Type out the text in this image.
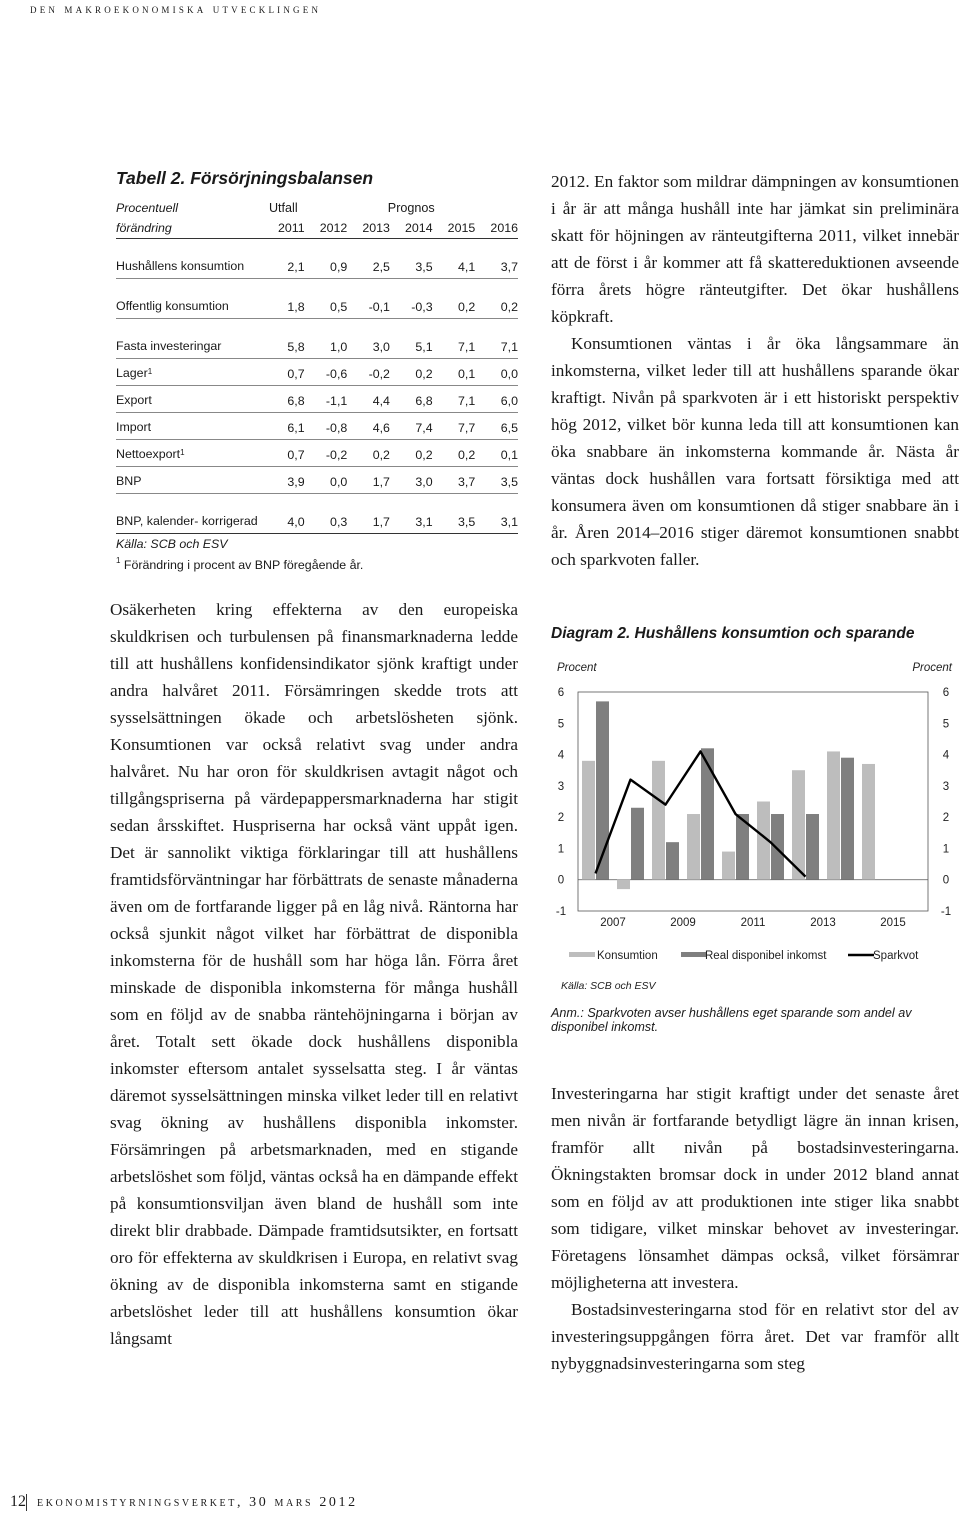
den makroekonomiska utvecklingen
Tabell 2. Försörjningsbalansen
Procentuell	Utfall		Prognos			
förändring	2011	2012	2013	2014	2015	2016
Hushållens konsumtion	2,1	0,9	2,5	3,5	4,1	3,7
Offentlig konsumtion	1,8	0,5	-0,1	-0,3	0,2	0,2
Fasta investeringar	5,8	1,0	3,0	5,1	7,1	7,1
Lager$^1$	0,7	-0,6	-0,2	0,2	0,1	0,0
Export	6,8	-1,1	4,4	6,8	7,1	6,0
Import	6,1	-0,8	4,6	7,4	7,7	6,5
Nettoexport$^1$	0,7	-0,2	0,2	0,2	0,2	0,1
BNP	3,9	0,0	1,7	3,0	3,7	3,5
BNP, kalender- korrigerad	4,0	0,3	1,7	3,1	3,5	3,1
Källa: SCB och ESV
$^1$ Förändring i procent av BNP föregående år.

Osäkerheten kring effekterna av den europeiska skuldkrisen och turbulensen på finansmarknaderna ledde till att hushållens konfidensindikator sjönk kraftigt under andra halvåret 2011. Försämringen skedde trots att sysselsättningen ökade och arbetslösheten sjönk. Konsumtionen var också relativt svag under andra halvåret. Nu har oron för skuldkrisen avtagit något och tillgångspriserna på värdepappersmarknaderna har stigit sedan årsskiftet. Huspriserna har också vänt uppåt igen. Det är sannolikt viktiga förklaringar till att hushållens framtidsförväntningar har förbättrats de senaste månaderna även om de fortfarande ligger på en låg nivå. Räntorna har också sjunkit något vilket har förbättrat de disponibla inkomsterna för de hushåll som har höga lån. Förra året minskade de disponibla inkomsterna för många hushåll som en följd av de snabba räntehöjningarna i början av året. Totalt sett ökade dock hushållens disponibla inkomster eftersom antalet sysselsatta steg. I år väntas däremot sysselsättningen minska vilket leder till en relativt svag ökning av hushållens disponibla inkomster. Försämringen på arbetsmarknaden, med en stigande arbetslöshet som följd, väntas också ha en dämpande effekt på konsumtionsviljan även bland de hushåll som inte direkt blir drabbade. Dämpade framtidsutsikter, en fortsatt oro för effekterna av skuldkrisen i Europa, en relativt svag ökning av de disponibla inkomsterna samt en stigande arbetslöshet leder till att hushållens konsumtion ökar långsamt

2012. En faktor som mildrar dämpningen av konsumtionen i år är att många hushåll inte har jämkat sin preliminära skatt för höjningen av ränteutgifterna 2011, vilket innebär att de först i år kommer att få skattereduktionen avseende förra årets högre ränteutgifter. Det ökar hushållens köpkraft.

Konsumtionen väntas i år öka långsammare än inkomsterna, vilket leder till att hushållens sparande ökar kraftigt. Nivån på sparkvoten är i ett historiskt perspektiv hög 2012, vilket bör kunna leda till att konsumtionen kan öka snabbare än inkomsterna kommande år. Nästa år väntas dock hushållen vara fortsatt försiktiga med att konsumera även om konsumtionen då stiger snabbare än i år. Åren 2014–2016 stiger däremot konsumtionen snabbt och sparkvoten faller.

Diagram 2. Hushållens konsumtion och sparande
Procent	Procent
-1	-1
0	0
1	1
2	2
3	3
4	4
5	5
6	6
2007	2009	2011	2013	2015
Konsumtion	Real disponibel inkomst	Sparkvot
Källa: SCB och ESV
Anm.: Sparkvoten avser hushållens eget sparande som andel av disponibel inkomst.

Investeringarna har stigit kraftigt under det senaste året men nivån är fortfarande betydligt lägre än innan krisen, framför allt nivån på bostadsinvesteringarna. Ökningstakten bromsar dock in under 2012 bland annat som en följd av att produktionen inte stiger lika snabbt som tidigare, vilket minskar behovet av investeringar. Företagens lönsamhet dämpas också, vilket försämrar möjligheterna att investera.

Bostadsinvesteringarna stod för en relativt stor del av investeringsuppgången förra året. Det var framför allt nybyggnadsinvesteringarna som steg

12 ekonomistyrningsverket, 30 mars 2012
